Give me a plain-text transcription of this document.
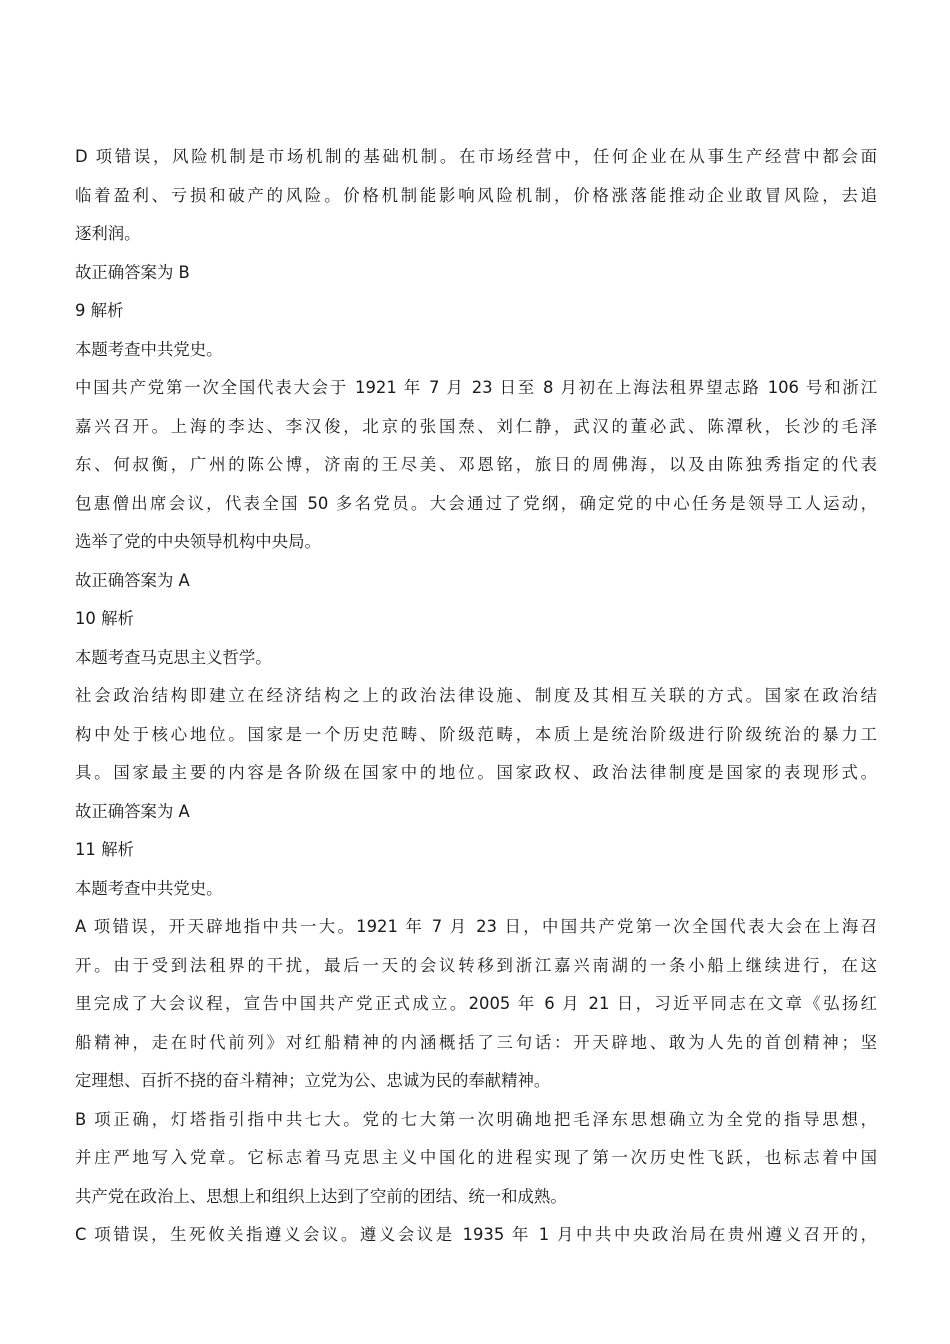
D 项错误，风险机制是市场机制的基础机制。在市场经营中，任何企业在从事生产经营中都会面
临着盈利、亏损和破产的风险。价格机制能影响风险机制，价格涨落能推动企业敢冒风险，去追
逐利润。
故正确答案为 B
9 解析
本题考查中共党史。
中国共产党第一次全国代表大会于 1921 年 7 月 23 日至 8 月初在上海法租界望志路 106 号和浙江
嘉兴召开。上海的李达、李汉俊，北京的张国焘、刘仁静，武汉的董必武、陈潭秋，长沙的毛泽
东、何叔衡，广州的陈公博，济南的王尽美、邓恩铭，旅日的周佛海，以及由陈独秀指定的代表
包惠僧出席会议，代表全国 50 多名党员。大会通过了党纲，确定党的中心任务是领导工人运动，
选举了党的中央领导机构中央局。
故正确答案为 A
10 解析
本题考查马克思主义哲学。
社会政治结构即建立在经济结构之上的政治法律设施、制度及其相互关联的方式。国家在政治结
构中处于核心地位。国家是一个历史范畴、阶级范畴，本质上是统治阶级进行阶级统治的暴力工
具。国家最主要的内容是各阶级在国家中的地位。国家政权、政治法律制度是国家的表现形式。
故正确答案为 A
11 解析
本题考查中共党史。
A 项错误，开天辟地指中共一大。1921 年 7 月 23 日，中国共产党第一次全国代表大会在上海召
开。由于受到法租界的干扰，最后一天的会议转移到浙江嘉兴南湖的一条小船上继续进行，在这
里完成了大会议程，宣告中国共产党正式成立。2005 年 6 月 21 日，习近平同志在文章《弘扬红
船精神，走在时代前列》对红船精神的内涵概括了三句话：开天辟地、敢为人先的首创精神；坚
定理想、百折不挠的奋斗精神；立党为公、忠诚为民的奉献精神。
B 项正确，灯塔指引指中共七大。党的七大第一次明确地把毛泽东思想确立为全党的指导思想，
并庄严地写入党章。它标志着马克思主义中国化的进程实现了第一次历史性飞跃，也标志着中国
共产党在政治上、思想上和组织上达到了空前的团结、统一和成熟。
C 项错误，生死攸关指遵义会议。遵义会议是 1935 年 1 月中共中央政治局在贵州遵义召开的，
